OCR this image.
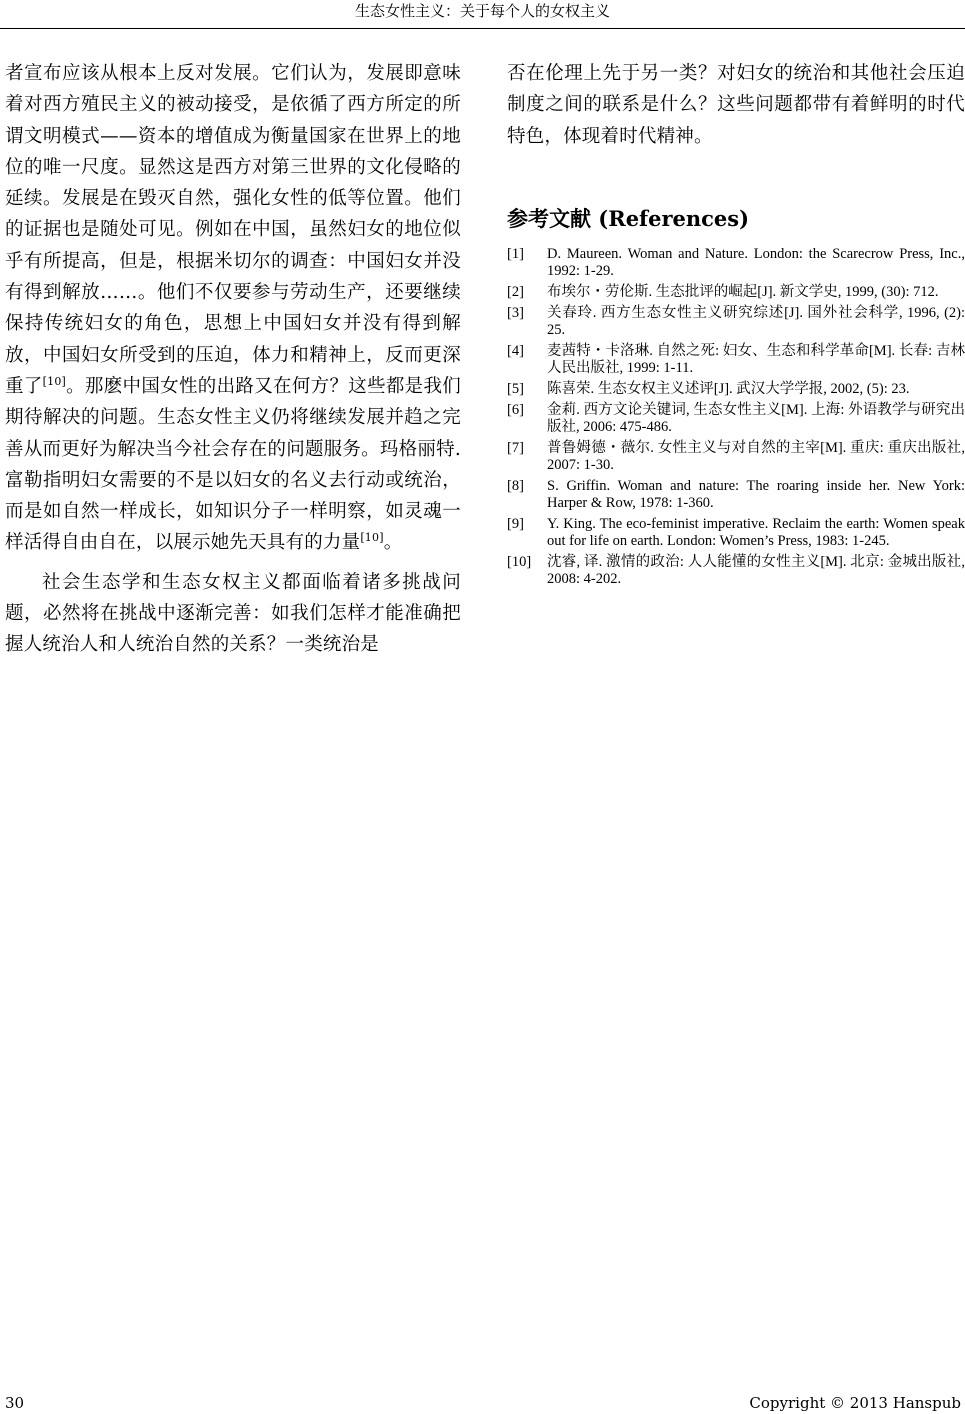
生态女性主义：关于每个人的女权主义

者宣布应该从根本上反对发展。它们认为，发展即意味着对西方殖民主义的被动接受，是依循了西方所定的所谓文明模式——资本的增值成为衡量国家在世界上的地位的唯一尺度。显然这是西方对第三世界的文化侵略的延续。发展是在毁灭自然，强化女性的低等位置。他们的证据也是随处可见。例如在中国，虽然妇女的地位似乎有所提高，但是，根据米切尔的调查：中国妇女并没有得到解放……。他们不仅要参与劳动生产，还要继续保持传统妇女的角色，思想上中国妇女并没有得到解放，中国妇女所受到的压迫，体力和精神上，反而更深重了[10]。那麽中国女性的出路又在何方？这些都是我们期待解决的问题。生态女性主义仍将继续发展并趋之完善从而更好为解决当今社会存在的问题服务。玛格丽特.富勒指明妇女需要的不是以妇女的名义去行动或统治，而是如自然一样成长，如知识分子一样明察，如灵魂一样活得自由自在，以展示她先天具有的力量[10]。

社会生态学和生态女权主义都面临着诸多挑战问题，必然将在挑战中逐渐完善：如我们怎样才能准确把握人统治人和人统治自然的关系？一类统治是

否在伦理上先于另一类？对妇女的统治和其他社会压迫制度之间的联系是什么？这些问题都带有着鲜明的时代特色，体现着时代精神。

参考文献 (References)
[1]	D. Maureen. Woman and Nature. London: the Scarecrow Press, Inc., 1992: 1-29.
[2]	布埃尔・劳伦斯. 生态批评的崛起[J]. 新文学史, 1999, (30): 712.
[3]	关春玲. 西方生态女性主义研究综述[J]. 国外社会科学, 1996, (2): 25.
[4]	麦茜特・卡洛琳. 自然之死: 妇女、生态和科学革命[M]. 长春: 吉林人民出版社, 1999: 1-11.
[5]	陈喜荣. 生态女权主义述评[J]. 武汉大学学报, 2002, (5): 23.
[6]	金莉. 西方文论关键词, 生态女性主义[M]. 上海: 外语教学与研究出版社, 2006: 475-486.
[7]	普鲁姆德・薇尔. 女性主义与对自然的主宰[M]. 重庆: 重庆出版社, 2007: 1-30.
[8]	S. Griffin. Woman and nature: The roaring inside her. New York: Harper & Row, 1978: 1-360.
[9]	Y. King. The eco-feminist imperative. Reclaim the earth: Women speak out for life on earth. London: Women’s Press, 1983: 1-245.
[10]	沈睿, 译. 激情的政治: 人人能懂的女性主义[M]. 北京: 金城出版社, 2008: 4-202.
30	Copyright © 2013 Hanspub
